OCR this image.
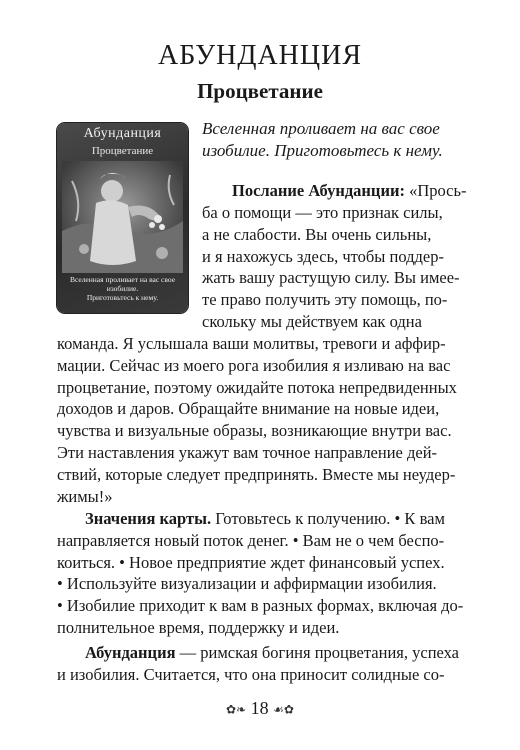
АБУНДАНЦИЯ
Процветание
Абунданция
Процветание
Вселенная проливает на вас свое
изобилие.
Приготовьтесь к нему.
Вселенная проливает на вас свое
изобилие. Приготовьтесь к нему.
Послание Абунданции: «Прось-
ба о помощи — это признак силы,
а не слабости. Вы очень сильны,
и я нахожусь здесь, чтобы поддер-
жать вашу растущую силу. Вы имее-
те право получить эту помощь, по-
скольку мы действуем как одна
команда. Я услышала ваши молитвы, тревоги и аффир-
мации. Сейчас из моего рога изобилия я изливаю на вас
процветание, поэтому ожидайте потока непредвиденных
доходов и даров. Обращайте внимание на новые идеи,
чувства и визуальные образы, возникающие внутри вас.
Эти наставления укажут вам точное направление дей-
ствий, которые следует предпринять. Вместе мы неудер-
жимы!»
Значения карты. Готовьтесь к получению. • К вам
направляется новый поток денег. • Вам не о чем беспо-
коиться. • Новое предприятие ждет финансовый успех.
• Используйте визуализации и аффирмации изобилия.
• Изобилие приходит к вам в разных формах, включая до-
полнительное время, поддержку и идеи.
Абунданция — римская богиня процветания, успеха
и изобилия. Считается, что она приносит солидные со-
✿❧ 18 ☙✿
